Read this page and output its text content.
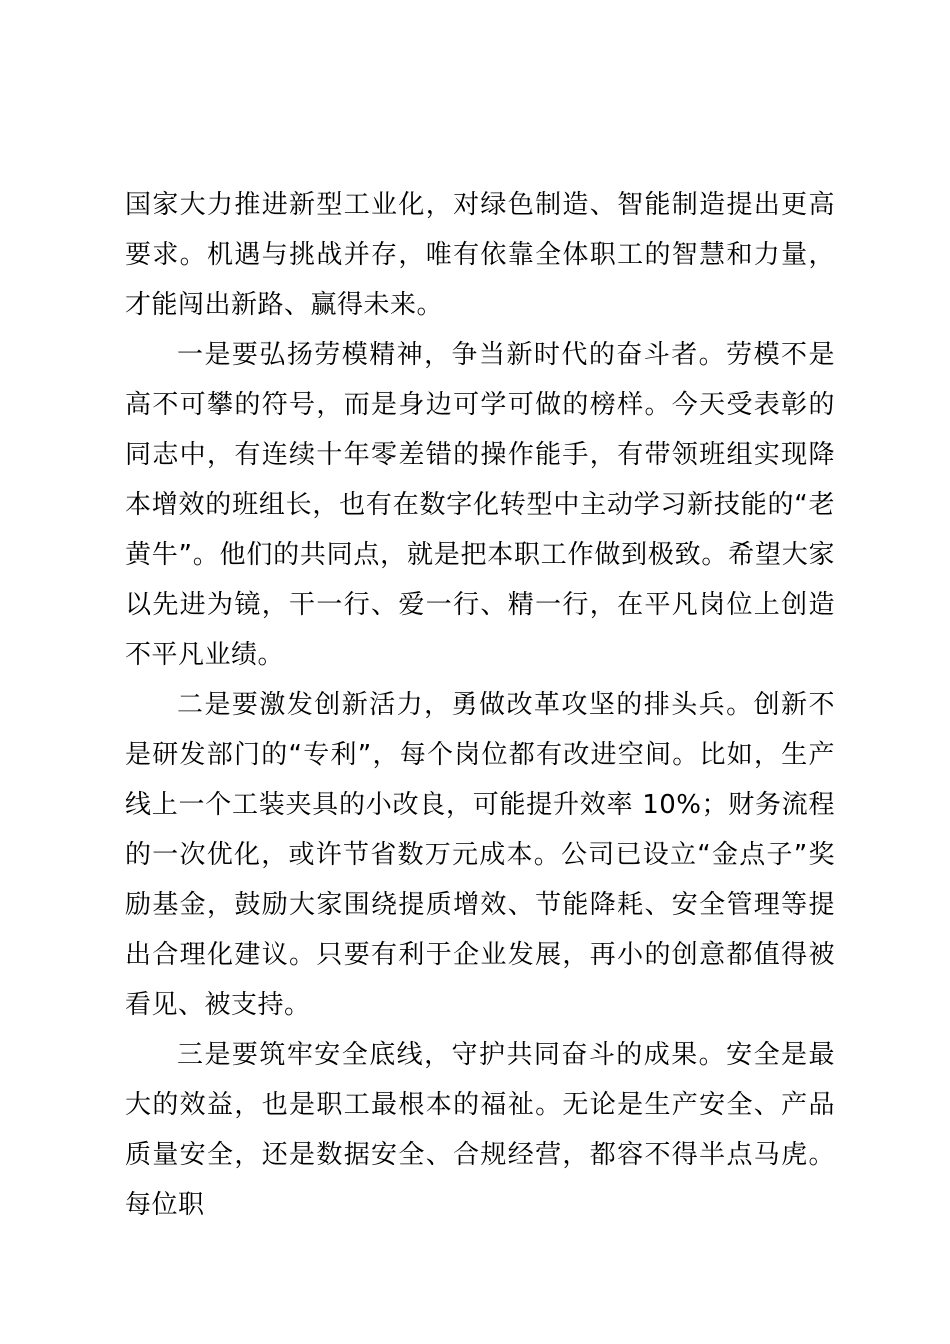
国家大力推进新型工业化，对绿色制造、智能制造提出更高要求。机遇与挑战并存，唯有依靠全体职工的智慧和力量，才能闯出新路、赢得未来。

一是要弘扬劳模精神，争当新时代的奋斗者。劳模不是高不可攀的符号，而是身边可学可做的榜样。今天受表彰的同志中，有连续十年零差错的操作能手，有带领班组实现降本增效的班组长，也有在数字化转型中主动学习新技能的“老黄牛”。他们的共同点，就是把本职工作做到极致。希望大家以先进为镜，干一行、爱一行、精一行，在平凡岗位上创造不平凡业绩。

二是要激发创新活力，勇做改革攻坚的排头兵。创新不是研发部门的“专利”，每个岗位都有改进空间。比如，生产线上一个工装夹具的小改良，可能提升效率 10%；财务流程的一次优化，或许节省数万元成本。公司已设立“金点子”奖励基金，鼓励大家围绕提质增效、节能降耗、安全管理等提出合理化建议。只要有利于企业发展，再小的创意都值得被看见、被支持。

三是要筑牢安全底线，守护共同奋斗的成果。安全是最大的效益，也是职工最根本的福祉。无论是生产安全、产品质量安全，还是数据安全、合规经营，都容不得半点马虎。每位职
